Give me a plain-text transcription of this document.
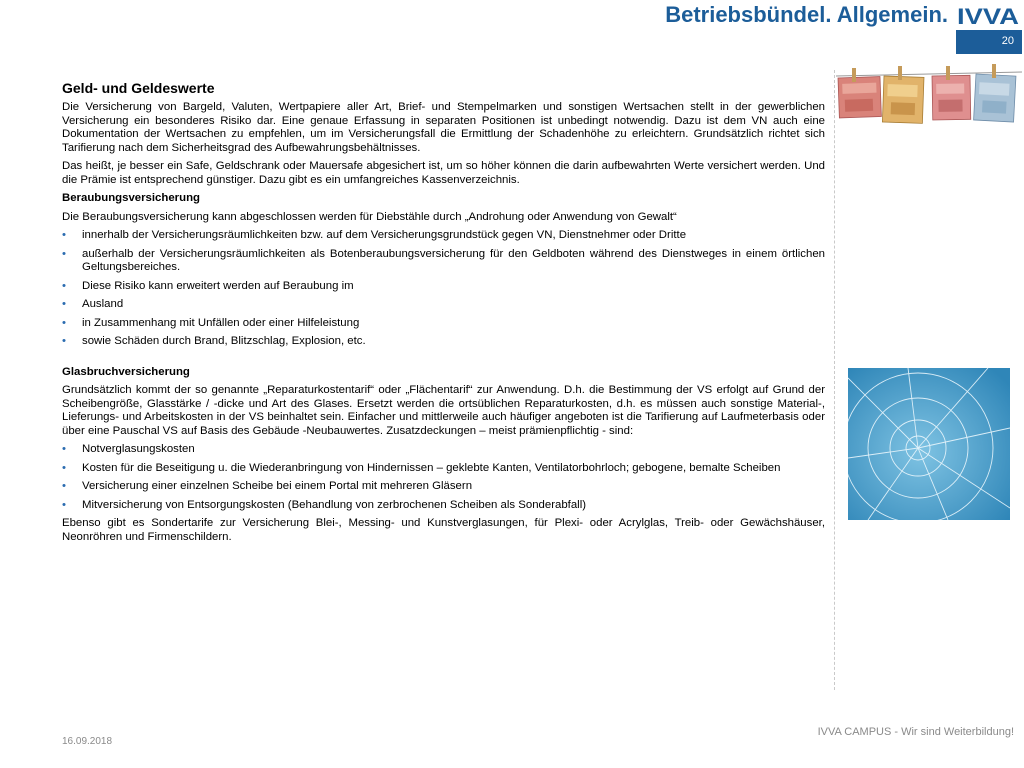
Betriebsbündel. Allgemein. IVVA
20
Geld- und Geldeswerte

Die Versicherung von Bargeld, Valuten, Wertpapiere aller Art, Brief- und Stempelmarken und sonstigen Wertsachen stellt in der gewerblichen Versicherung ein besonderes Risiko dar. Eine genaue Erfassung in separaten Positionen ist unbedingt notwendig. Dazu ist dem VN auch eine Dokumentation der Wertsachen zu empfehlen, um im Versicherungsfall die Ermittlung der Schadenhöhe zu erleichtern. Grundsätzlich richtet sich Tarifierung nach dem Sicherheitsgrad des Aufbewahrungsbehältnisses.

Das heißt, je besser ein Safe, Geldschrank oder Mauersafe abgesichert ist, um so höher können die darin aufbewahrten Werte versichert werden. Und die Prämie ist entsprechend günstiger. Dazu gibt es ein umfangreiches Kassenverzeichnis.

Beraubungsversicherung

Die Beraubungsversicherung kann abgeschlossen werden für Diebstähle durch „Androhung oder Anwendung von Gewalt“

• innerhalb der Versicherungsräumlichkeiten bzw. auf dem Versicherungsgrundstück gegen VN, Dienstnehmer oder Dritte
• außerhalb der Versicherungsräumlichkeiten als Botenberaubungsversicherung für den Geldboten während des Dienstweges in einem örtlichen Geltungsbereiches.
• Diese Risiko kann erweitert werden auf Beraubung im
• Ausland
• in Zusammenhang mit Unfällen oder einer Hilfeleistung
• sowie Schäden durch Brand, Blitzschlag, Explosion, etc.

Glasbruchversicherung

Grundsätzlich kommt der so genannte „Reparaturkostentarif“ oder „Flächentarif“ zur Anwendung. D.h. die Bestimmung der VS erfolgt auf Grund der Scheibengröße, Glasstärke / -dicke und Art des Glases. Ersetzt werden die ortsüblichen Reparaturkosten, d.h. es müssen auch sonstige Material-, Lieferungs- und Arbeitskosten in der VS beinhaltet sein. Einfacher und mittlerweile auch häufiger angeboten ist die Tarifierung auf Laufmeterbasis oder über eine Pauschal VS auf Basis des Gebäude -Neubauwertes. Zusatzdeckungen – meist prämienpflichtig - sind:

• Notverglasungskosten
• Kosten für die Beseitigung u. die Wiederanbringung von Hindernissen – geklebte Kanten, Ventilatorbohrloch; gebogene, bemalte Scheiben
• Versicherung einer einzelnen Scheibe bei einem Portal mit mehreren Gläsern
• Mitversicherung von Entsorgungskosten (Behandlung von zerbrochenen Scheiben als Sonderabfall)

Ebenso gibt es Sondertarife zur Versicherung Blei-, Messing- und Kunstverglasungen, für Plexi- oder Acrylglas, Treib- oder Gewächshäuser, Neonröhren und Firmenschildern.

16.09.2018
IVVA CAMPUS - Wir sind Weiterbildung!
